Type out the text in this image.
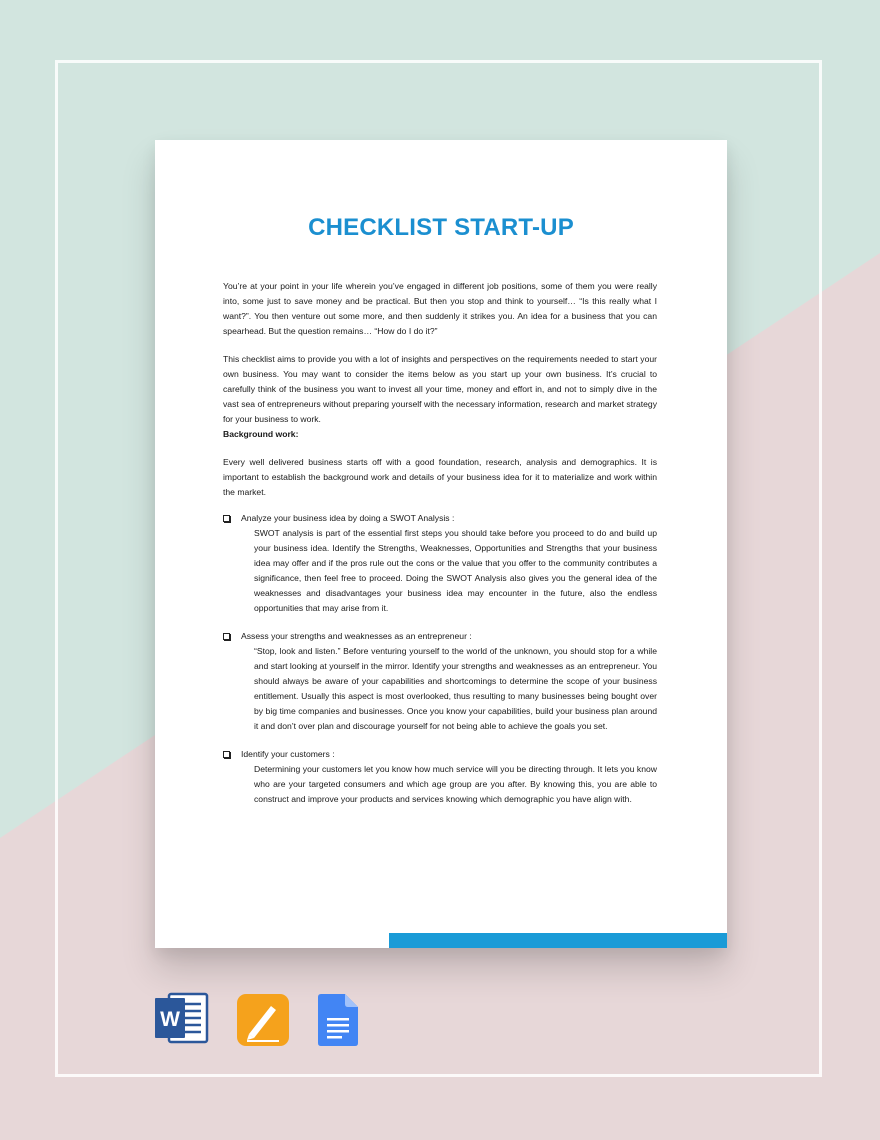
CHECKLIST START-UP

You’re at your point in your life wherein you’ve engaged in different job positions, some of them you were really into, some just to save money and be practical. But then you stop and think to yourself… “Is this really what I want?”. You then venture out some more, and then suddenly it strikes you. An idea for a business that you can spearhead. But the question remains… “How do I do it?”

This checklist aims to provide you with a lot of insights and perspectives on the requirements needed to start your own business. You may want to consider the items below as you start up your own business. It’s crucial to carefully think of the business you want to invest all your time, money and effort in, and not to simply dive in the vast sea of entrepreneurs without preparing yourself with the necessary information, research and market strategy for your business to work.

Background work:

Every well delivered business starts off with a good foundation, research, analysis and demographics. It is important to establish the background work and details of your business idea for it to materialize and work within the market.

Analyze your business idea by doing a SWOT Analysis :
SWOT analysis is part of the essential first steps you should take before you proceed to do and build up your business idea. Identify the Strengths, Weaknesses, Opportunities and Strengths that your business idea may offer and if the pros rule out the cons or the value that you offer to the community contributes a significance, then feel free to proceed. Doing the SWOT Analysis also gives you the general idea of the weaknesses and disadvantages your business idea may encounter in the future, also the endless opportunities that may arise from it.
Assess your strengths and weaknesses as an entrepreneur :
“Stop, look and listen.” Before venturing yourself to the world of the unknown, you should stop for a while and start looking at yourself in the mirror. Identify your strengths and weaknesses as an entrepreneur. You should always be aware of your capabilities and shortcomings to determine the scope of your business entitlement. Usually this aspect is most overlooked, thus resulting to many businesses being bought over by big time companies and businesses. Once you know your capabilities, build your business plan around it and don’t over plan and discourage yourself for not being able to achieve the goals you set.
Identify your customers :
Determining your customers let you know how much service will you be directing through. It lets you know who are your targeted consumers and which age group are you after. By knowing this, you are able to construct and improve your products and services knowing which demographic you have align with.
W
